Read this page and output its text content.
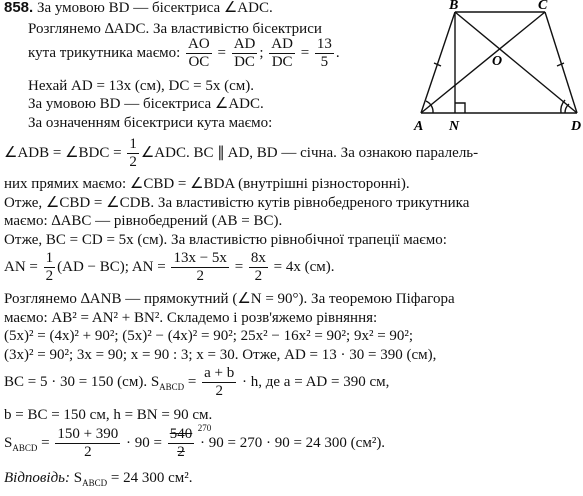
B	C
O
A N	D
858. За умовою BD — бісектриса ∠ADC.
Розглянемо ∆ADC. За властивістю бісектриси
кута трикутника маємо: $\frac{AO}{OC} = \frac{AD}{DC}$ ; $\frac{AD}{DC} = \frac{13}{5}$ .
Нехай AD = 13x (см), DC = 5x (см).
За умовою BD — бісектриса ∠ADC.
За означенням бісектриси кута маємо:
∠ADB = ∠BDC = $\frac{1}{2}$ ∠ADC. BC ∥ AD, BD — січна. За ознакою паралель-
них прямих маємо: ∠CBD = ∠BDA (внутрішні різносторонні).
Отже, ∠CBD = ∠CDB. За властивістю кутів рівнобедреного трикутника
маємо: ∆ABC — рівнобедрений (AB = BC).
Отже, BC = CD = 5x (см). За властивістю рівнобічної трапеції маємо:
AN = $\frac{1}{2} (AD - BC)$; AN = $\frac{13x - 5x}{2} = \frac{8x}{2} = 4x$ (см).
Розглянемо ∆ANB — прямокутний (∠N = 90°). За теоремою Піфагора
маємо: AB² = AN² + BN². Складемо і розв'яжемо рівняння:
(5x)² = (4x)² + 90²; (5x)² − (4x)² = 90²; 25x² − 16x² = 90²; 9x² = 90²;
(3x)² = 90²; 3x = 90; x = 90 : 3; x = 30. Отже, AD = 13 · 30 = 390 (см),
BC = 5 · 30 = 150 (см). $S_{ABCD} = \frac{a + b}{2} \cdot h$, де a = AD = 390 см,
b = BC = 150 см, h = BN = 90 см.
$S_{ABCD} = \frac{150 + 390}{2} \cdot 90 = \frac{540 270}{2} \cdot 90 = 270 \cdot 90 = 24$ 300 (см²).
Відповідь: $S_{ABCD} = 24$ 300 см².
